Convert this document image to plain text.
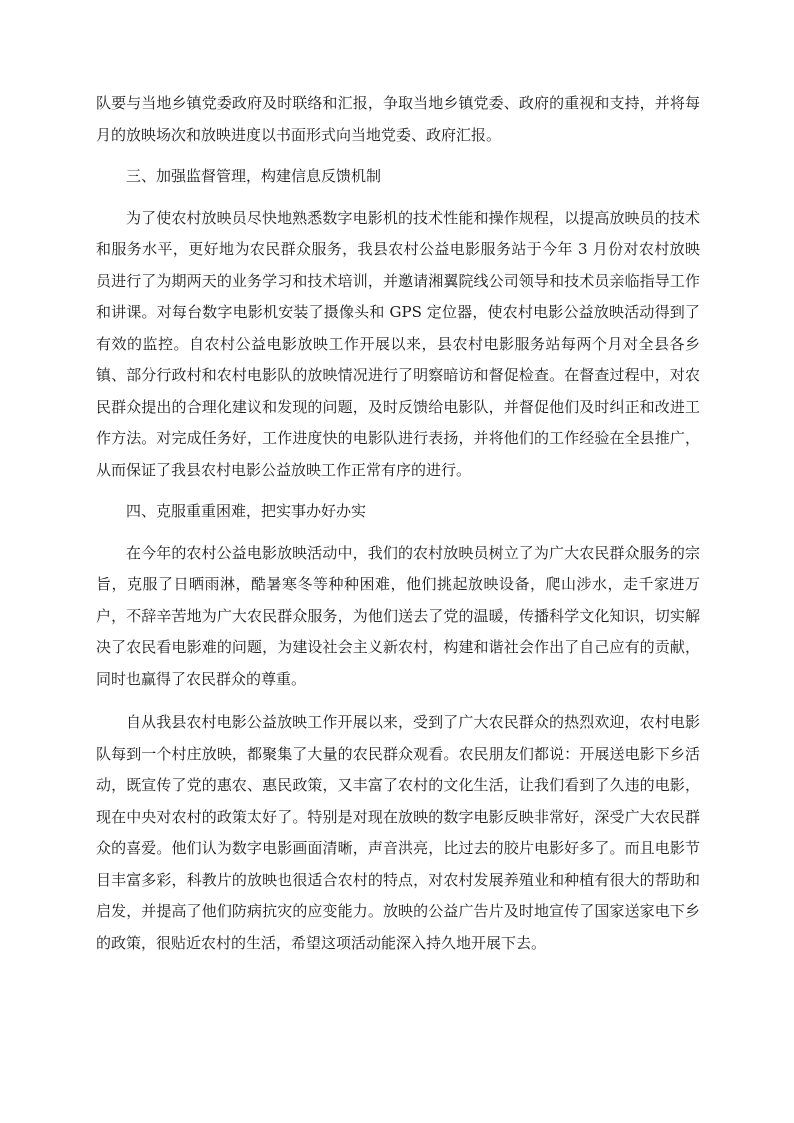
队要与当地乡镇党委政府及时联络和汇报，争取当地乡镇党委、政府的重视和支持，并将每月的放映场次和放映进度以书面形式向当地党委、政府汇报。

三、加强监督管理，构建信息反馈机制

为了使农村放映员尽快地熟悉数字电影机的技术性能和操作规程，以提高放映员的技术和服务水平，更好地为农民群众服务，我县农村公益电影服务站于今年 3 月份对农村放映员进行了为期两天的业务学习和技术培训，并邀请湘翼院线公司领导和技术员亲临指导工作和讲课。对每台数字电影机安装了摄像头和 GPS 定位器，使农村电影公益放映活动得到了有效的监控。自农村公益电影放映工作开展以来，县农村电影服务站每两个月对全县各乡镇、部分行政村和农村电影队的放映情况进行了明察暗访和督促检查。在督查过程中，对农民群众提出的合理化建议和发现的问题，及时反馈给电影队，并督促他们及时纠正和改进工作方法。对完成任务好，工作进度快的电影队进行表扬，并将他们的工作经验在全县推广，从而保证了我县农村电影公益放映工作正常有序的进行。

四、克服重重困难，把实事办好办实

在今年的农村公益电影放映活动中，我们的农村放映员树立了为广大农民群众服务的宗旨，克服了日晒雨淋，酷暑寒冬等种种困难，他们挑起放映设备，爬山涉水，走千家进万户，不辞辛苦地为广大农民群众服务，为他们送去了党的温暖，传播科学文化知识，切实解决了农民看电影难的问题，为建设社会主义新农村，构建和谐社会作出了自己应有的贡献，同时也赢得了农民群众的尊重。

自从我县农村电影公益放映工作开展以来，受到了广大农民群众的热烈欢迎，农村电影队每到一个村庄放映，都聚集了大量的农民群众观看。农民朋友们都说：开展送电影下乡活动，既宣传了党的惠农、惠民政策，又丰富了农村的文化生活，让我们看到了久违的电影，现在中央对农村的政策太好了。特别是对现在放映的数字电影反映非常好，深受广大农民群众的喜爱。他们认为数字电影画面清晰，声音洪亮，比过去的胶片电影好多了。而且电影节目丰富多彩，科教片的放映也很适合农村的特点，对农村发展养殖业和种植有很大的帮助和启发，并提高了他们防病抗灾的应变能力。放映的公益广告片及时地宣传了国家送家电下乡的政策，很贴近农村的生活，希望这项活动能深入持久地开展下去。
